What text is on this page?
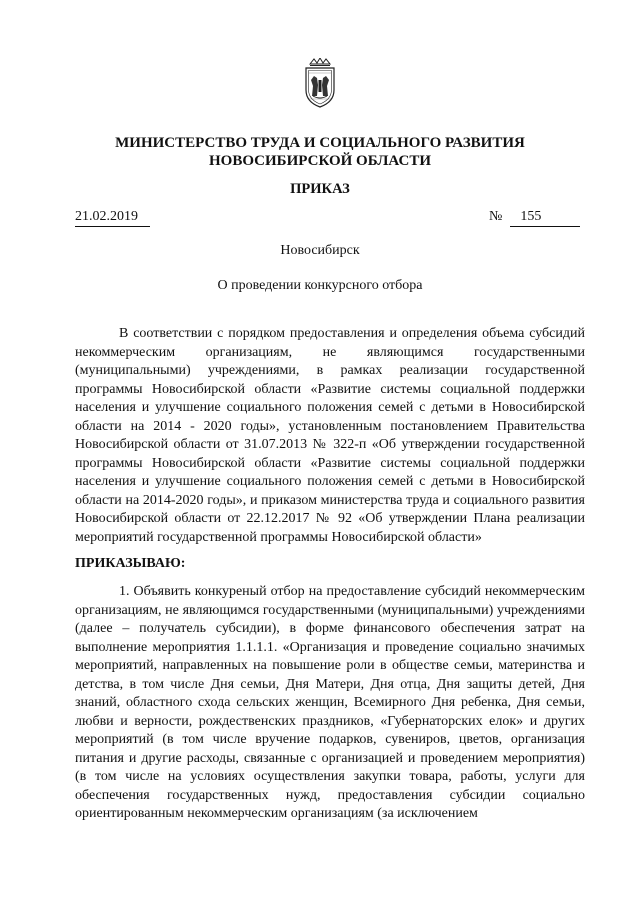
МИНИСТЕРСТВО ТРУДА И СОЦИАЛЬНОГО РАЗВИТИЯ
НОВОСИБИРСКОЙ ОБЛАСТИ
ПРИКАЗ
21.02.2019	№	155
Новосибирск
О проведении конкурсного отбора
В соответствии с порядком предоставления и определения объема субсидий некоммерческим организациям, не являющимся государственными (муниципальными) учреждениями, в рамках реализации государственной программы Новосибирской области «Развитие системы социальной поддержки населения и улучшение социального положения семей с детьми в Новосибирской области на 2014 - 2020 годы», установленным постановлением Правительства Новосибирской области от 31.07.2013 № 322-п «Об утверждении государственной программы Новосибирской области «Развитие системы социальной поддержки населения и улучшение социального положения семей с детьми в Новосибирской области на 2014-2020 годы», и приказом министерства труда и социального развития Новосибирской области от 22.12.2017 № 92 «Об утверждении Плана реализации мероприятий государственной программы Новосибирской области»
ПРИКАЗЫВАЮ:
1. Объявить конкуреный отбор на предоставление субсидий некоммерческим организациям, не являющимся государственными (муниципальными) учреждениями (далее – получатель субсидии), в форме финансового обеспечения затрат на выполнение мероприятия 1.1.1.1. «Организация и проведение социально значимых мероприятий, направленных на повышение роли в обществе семьи, материнства и детства, в том числе Дня семьи, Дня Матери, Дня отца, Дня защиты детей, Дня знаний, областного схода сельских женщин, Всемирного Дня ребенка, Дня семьи, любви и верности, рождественских праздников, «Губернаторских елок» и других мероприятий (в том числе вручение подарков, сувениров, цветов, организация питания и другие расходы, связанные с организацией и проведением мероприятия) (в том числе на условиях осуществления закупки товара, работы, услуги для обеспечения государственных нужд, предоставления субсидии социально ориентированным некоммерческим организациям (за исключением
